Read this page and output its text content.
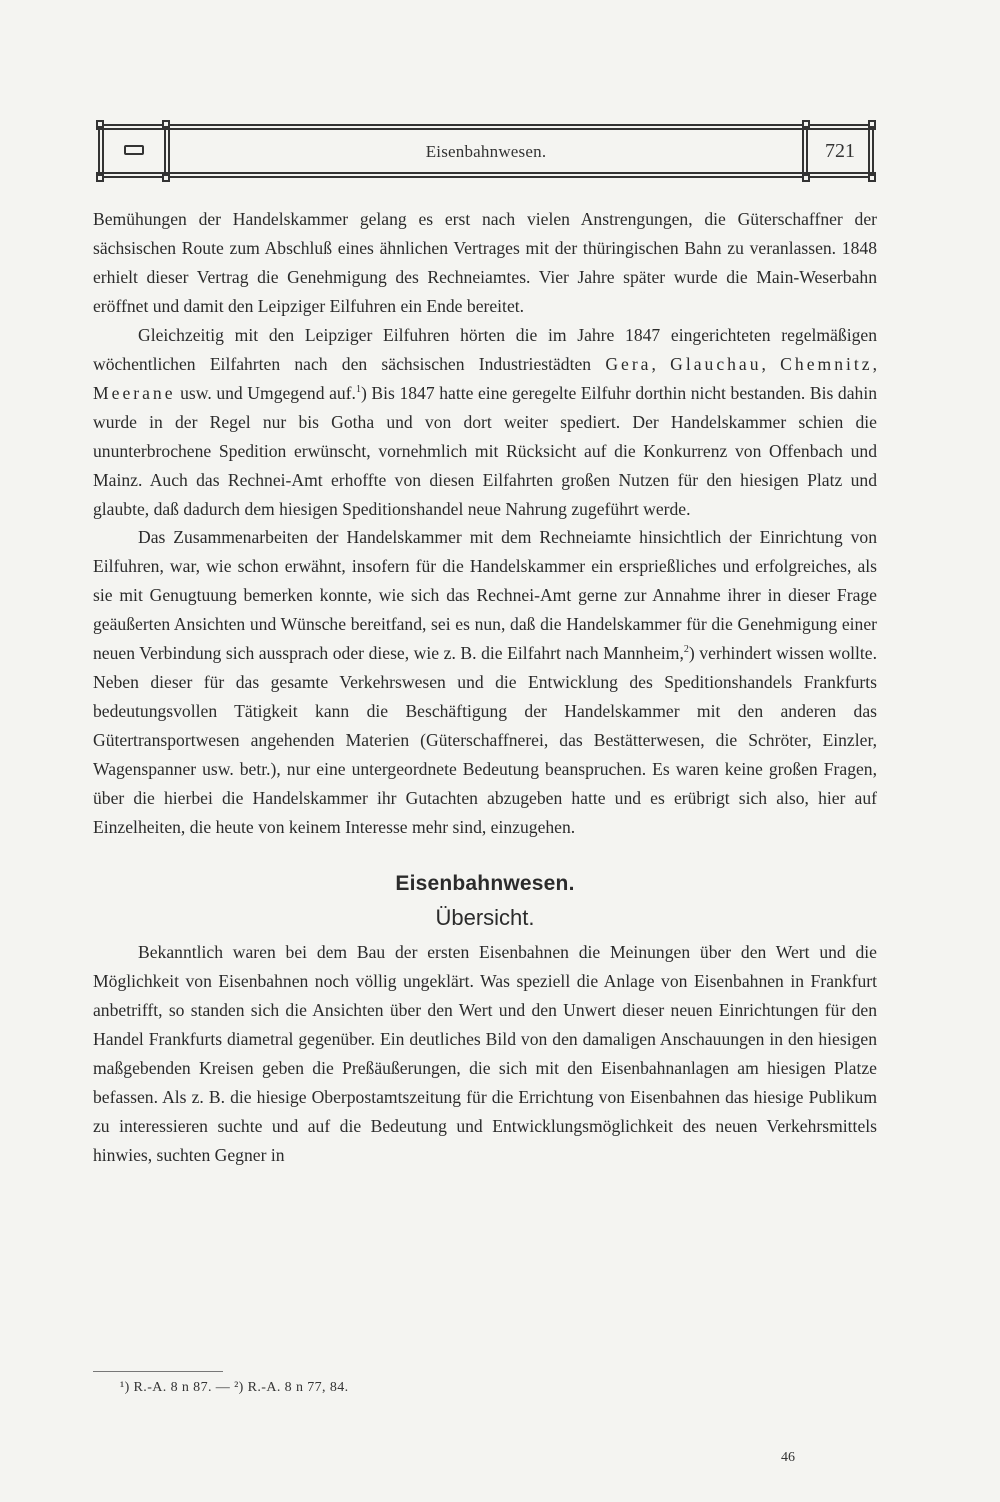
Eisenbahnwesen.	721

Bemühungen der Handelskammer gelang es erst nach vielen Anstrengungen, die Güterschaffner der sächsischen Route zum Abschluß eines ähnlichen Vertrages mit der thüringischen Bahn zu veranlassen. 1848 erhielt dieser Vertrag die Genehmigung des Rechneiamtes. Vier Jahre später wurde die Main-Weserbahn eröffnet und damit den Leipziger Eilfuhren ein Ende bereitet.

Gleichzeitig mit den Leipziger Eilfuhren hörten die im Jahre 1847 eingerichteten regelmäßigen wöchentlichen Eilfahrten nach den sächsischen Industriestädten Gera, Glauchau, Chemnitz, Meerane usw. und Umgegend auf.$^1$) Bis 1847 hatte eine geregelte Eilfuhr dorthin nicht bestanden. Bis dahin wurde in der Regel nur bis Gotha und von dort weiter spediert. Der Handelskammer schien die ununterbrochene Spedition erwünscht, vornehmlich mit Rücksicht auf die Konkurrenz von Offenbach und Mainz. Auch das Rechnei-Amt erhoffte von diesen Eilfahrten großen Nutzen für den hiesigen Platz und glaubte, daß dadurch dem hiesigen Speditionshandel neue Nahrung zugeführt werde.

Das Zusammenarbeiten der Handelskammer mit dem Rechneiamte hinsichtlich der Einrichtung von Eilfuhren, war, wie schon erwähnt, insofern für die Handelskammer ein ersprießliches und erfolgreiches, als sie mit Genugtuung bemerken konnte, wie sich das Rechnei-Amt gerne zur Annahme ihrer in dieser Frage geäußerten Ansichten und Wünsche bereitfand, sei es nun, daß die Handelskammer für die Genehmigung einer neuen Verbindung sich aussprach oder diese, wie z. B. die Eilfahrt nach Mannheim,$^2$) verhindert wissen wollte. Neben dieser für das gesamte Verkehrswesen und die Entwicklung des Speditionshandels Frankfurts bedeutungsvollen Tätigkeit kann die Beschäftigung der Handelskammer mit den anderen das Gütertransportwesen angehenden Materien (Güterschaffnerei, das Bestätterwesen, die Schröter, Einzler, Wagenspanner usw. betr.), nur eine untergeordnete Bedeutung beanspruchen. Es waren keine großen Fragen, über die hierbei die Handelskammer ihr Gutachten abzugeben hatte und es erübrigt sich also, hier auf Einzelheiten, die heute von keinem Interesse mehr sind, einzugehen.

Eisenbahnwesen.
Übersicht.

Bekanntlich waren bei dem Bau der ersten Eisenbahnen die Meinungen über den Wert und die Möglichkeit von Eisenbahnen noch völlig ungeklärt. Was speziell die Anlage von Eisenbahnen in Frankfurt anbetrifft, so standen sich die Ansichten über den Wert und den Unwert dieser neuen Einrichtungen für den Handel Frankfurts diametral gegenüber. Ein deutliches Bild von den damaligen Anschauungen in den hiesigen maßgebenden Kreisen geben die Preßäußerungen, die sich mit den Eisenbahnanlagen am hiesigen Platze befassen. Als z. B. die hiesige Oberpostamtszeitung für die Errichtung von Eisenbahnen das hiesige Publikum zu interessieren suchte und auf die Bedeutung und Entwicklungsmöglichkeit des neuen Verkehrsmittels hinwies, suchten Gegner in

¹) R.-A. 8 n 87. — ²) R.-A. 8 n 77, 84.
46
